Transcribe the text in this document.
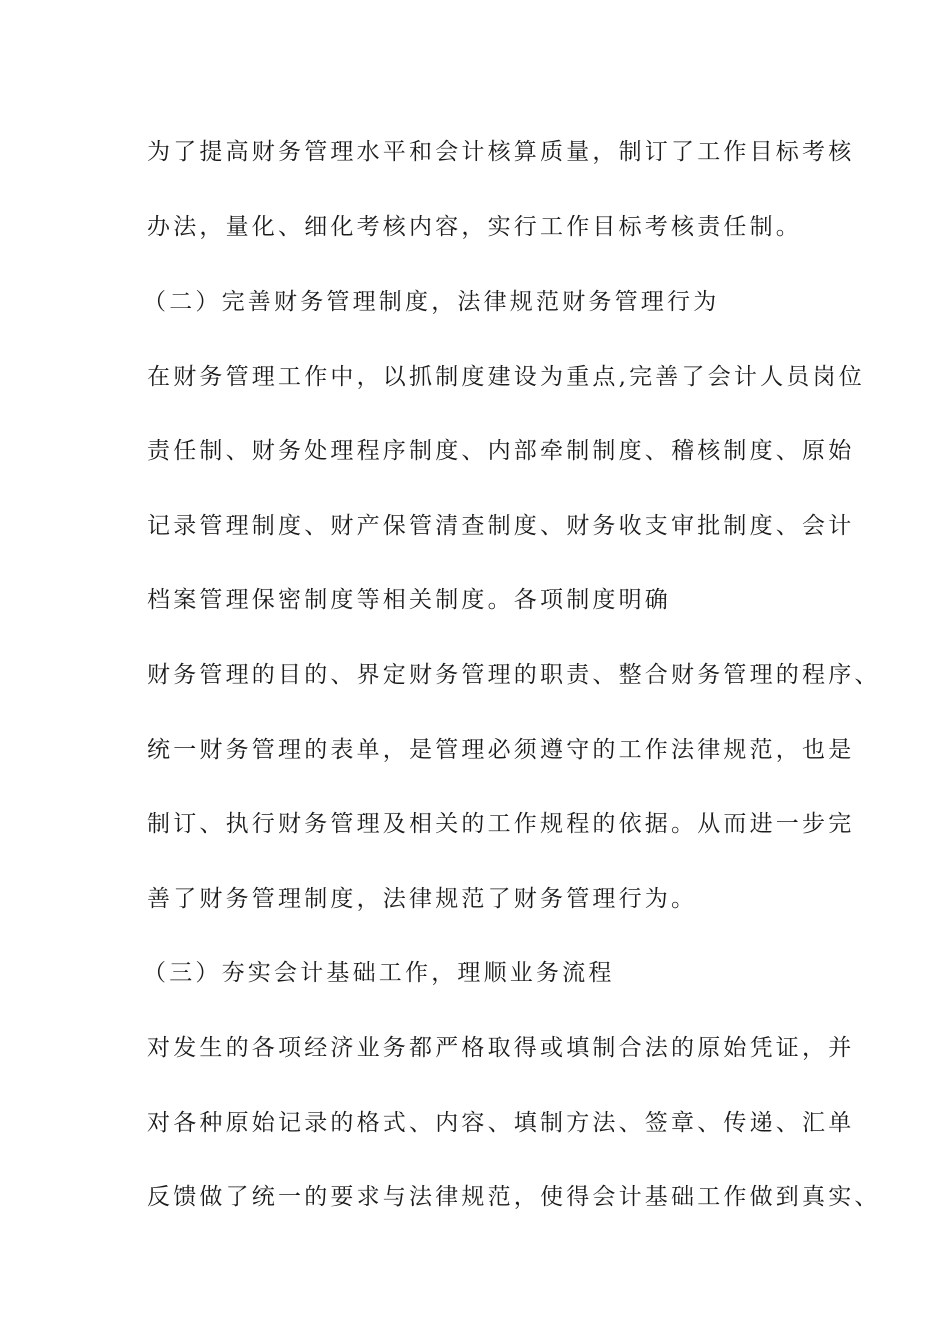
为了提高财务管理水平和会计核算质量，制订了工作目标考核
办法，量化、细化考核内容，实行工作目标考核责任制。
（二）完善财务管理制度，法律规范财务管理行为
在财务管理工作中，以抓制度建设为重点,完善了会计人员岗位
责任制、财务处理程序制度、内部牵制制度、稽核制度、原始
记录管理制度、财产保管清查制度、财务收支审批制度、会计
档案管理保密制度等相关制度。各项制度明确
财务管理的目的、界定财务管理的职责、整合财务管理的程序、
统一财务管理的表单，是管理必须遵守的工作法律规范，也是
制订、执行财务管理及相关的工作规程的依据。从而进一步完
善了财务管理制度，法律规范了财务管理行为。
（三）夯实会计基础工作，理顺业务流程
对发生的各项经济业务都严格取得或填制合法的原始凭证，并
对各种原始记录的格式、内容、填制方法、签章、传递、汇单
反馈做了统一的要求与法律规范，使得会计基础工作做到真实、
